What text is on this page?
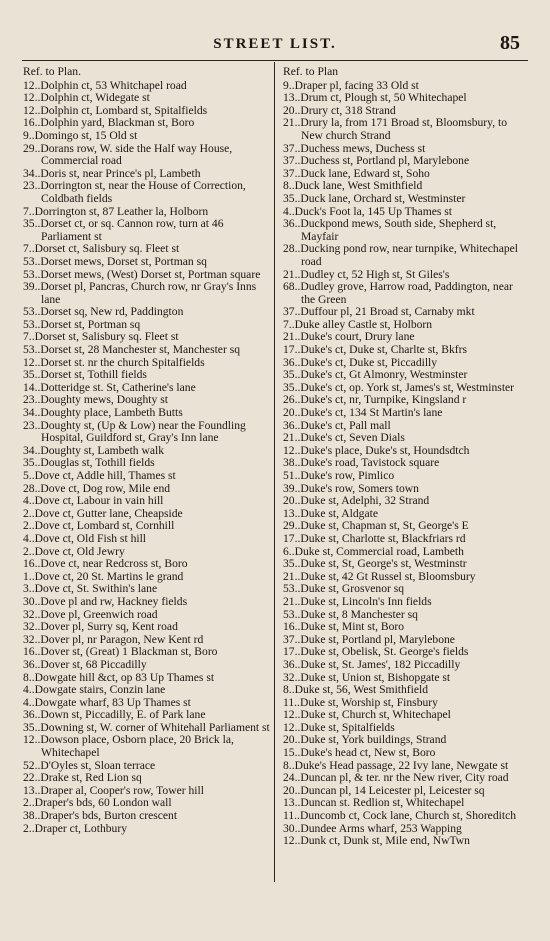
STREET LIST.	85
Ref. to Plan.
12..Dolphin ct, 53 Whitchapel road
12..Dolphin ct, Widegate st
12..Dolphin ct, Lombard st, Spitalfields
16..Dolphin yard, Blackman st, Boro
9..Domingo st, 15 Old st
29..Dorans row, W. side the Half way House, Commercial road
34..Doris st, near Prince's pl, Lambeth
23..Dorrington st, near the House of Correction, Coldbath fields
7..Dorrington st, 87 Leather la, Holborn
35..Dorset ct, or sq. Cannon row, turn at 46 Parliament st
7..Dorset ct, Salisbury sq. Fleet st
53..Dorset mews, Dorset st, Portman sq
53..Dorset mews, (West) Dorset st, Portman square
39..Dorset pl, Pancras, Church row, nr Gray's Inns lane
53..Dorset sq, New rd, Paddington
53..Dorset st, Portman sq
7..Dorset st, Salisbury sq. Fleet st
53..Dorset st, 28 Manchester st, Manchester sq
12..Dorset st. nr the church Spitalfields
35..Dorset st, Tothill fields
14..Dotteridge st. St, Catherine's lane
23..Doughty mews, Doughty st
34..Doughty place, Lambeth Butts
23..Doughty st, (Up & Low) near the Foundling Hospital, Guildford st, Gray's Inn lane
34..Doughty st, Lambeth walk
35..Douglas st, Tothill fields
5..Dove ct, Addle hill, Thames st
28..Dove ct, Dog row, Mile end
4..Dove ct, Labour in vain hill
2..Dove ct, Gutter lane, Cheapside
2..Dove ct, Lombard st, Cornhill
4..Dove ct, Old Fish st hill
2..Dove ct, Old Jewry
16..Dove ct, near Redcross st, Boro
1..Dove ct, 20 St. Martins le grand
3..Dove ct, St. Swithin's lane
30..Dove pl and rw, Hackney fields
32..Dove pl, Greenwich road
32..Dover pl, Surry sq, Kent road
32..Dover pl, nr Paragon, New Kent rd
16..Dover st, (Great) 1 Blackman st, Boro
36..Dover st, 68 Piccadilly
8..Dowgate hill &ct, op 83 Up Thames st
4..Dowgate stairs, Conzin lane
4..Dowgate wharf, 83 Up Thames st
36..Down st, Piccadilly, E. of Park lane
35..Downing st, W. corner of Whitehall Parliament st
12..Dowson place, Osborn place, 20 Brick la, Whitechapel
52..D'Oyles st, Sloan terrace
22..Drake st, Red Lion sq
13..Draper al, Cooper's row, Tower hill
2..Draper's bds, 60 London wall
38..Draper's bds, Burton crescent
2..Draper ct, Lothbury
Ref. to Plan
9..Draper pl, facing 33 Old st
13..Drum ct, Plough st, 50 Whitechapel
20..Drury ct, 318 Strand
21..Drury la, from 171 Broad st, Bloomsbury, to New church Strand
37..Duchess mews, Duchess st
37..Duchess st, Portland pl, Marylebone
37..Duck lane, Edward st, Soho
8..Duck lane, West Smithfield
35..Duck lane, Orchard st, Westminster
4..Duck's Foot la, 145 Up Thames st
36..Duckpond mews, South side, Shepherd st, Mayfair
28..Ducking pond row, near turnpike, Whitechapel road
21..Dudley ct, 52 High st, St Giles's
68..Dudley grove, Harrow road, Paddington, near the Green
37..Duffour pl, 21 Broad st, Carnaby mkt
7..Duke alley Castle st, Holborn
21..Duke's court, Drury lane
17..Duke's ct, Duke st, Charlte st, Bkfrs
36..Duke's ct, Duke st, Piccadilly
35..Duke's ct, Gt Almonry, Westminster
35..Duke's ct, op. York st, James's st, Westminster
26..Duke's ct, nr, Turnpike, Kingsland r
20..Duke's ct, 134 St Martin's lane
36..Duke's ct, Pall mall
21..Duke's ct, Seven Dials
12..Duke's place, Duke's st, Houndsdtch
38..Duke's road, Tavistock square
51..Duke's row, Pimlico
39..Duke's row, Somers town
20..Duke st, Adelphi, 32 Strand
13..Duke st, Aldgate
29..Duke st, Chapman st, St, George's E
17..Duke st, Charlotte st, Blackfriars rd
6..Duke st, Commercial road, Lambeth
35..Duke st, St, George's st, Westminstr
21..Duke st, 42 Gt Russel st, Bloomsbury
53..Duke st, Grosvenor sq
21..Duke st, Lincoln's Inn fields
53..Duke st, 8 Manchester sq
16..Duke st, Mint st, Boro
37..Duke st, Portland pl, Marylebone
17..Duke st, Obelisk, St. George's fields
36..Duke st, St. James', 182 Piccadilly
32..Duke st, Union st, Bishopgate st
8..Duke st, 56, West Smithfield
11..Duke st, Worship st, Finsbury
12..Duke st, Church st, Whitechapel
12..Duke st, Spitalfields
20..Duke st, York buildings, Strand
15..Duke's head ct, New st, Boro
8..Duke's Head passage, 22 Ivy lane, Newgate st
24..Duncan pl, & ter. nr the New river, City road
20..Duncan pl, 14 Leicester pl, Leicester sq
13..Duncan st. Redlion st, Whitechapel
11..Duncomb ct, Cock lane, Church st, Shoreditch
30..Dundee Arms wharf, 253 Wapping
12..Dunk ct, Dunk st, Mile end, NwTwn
